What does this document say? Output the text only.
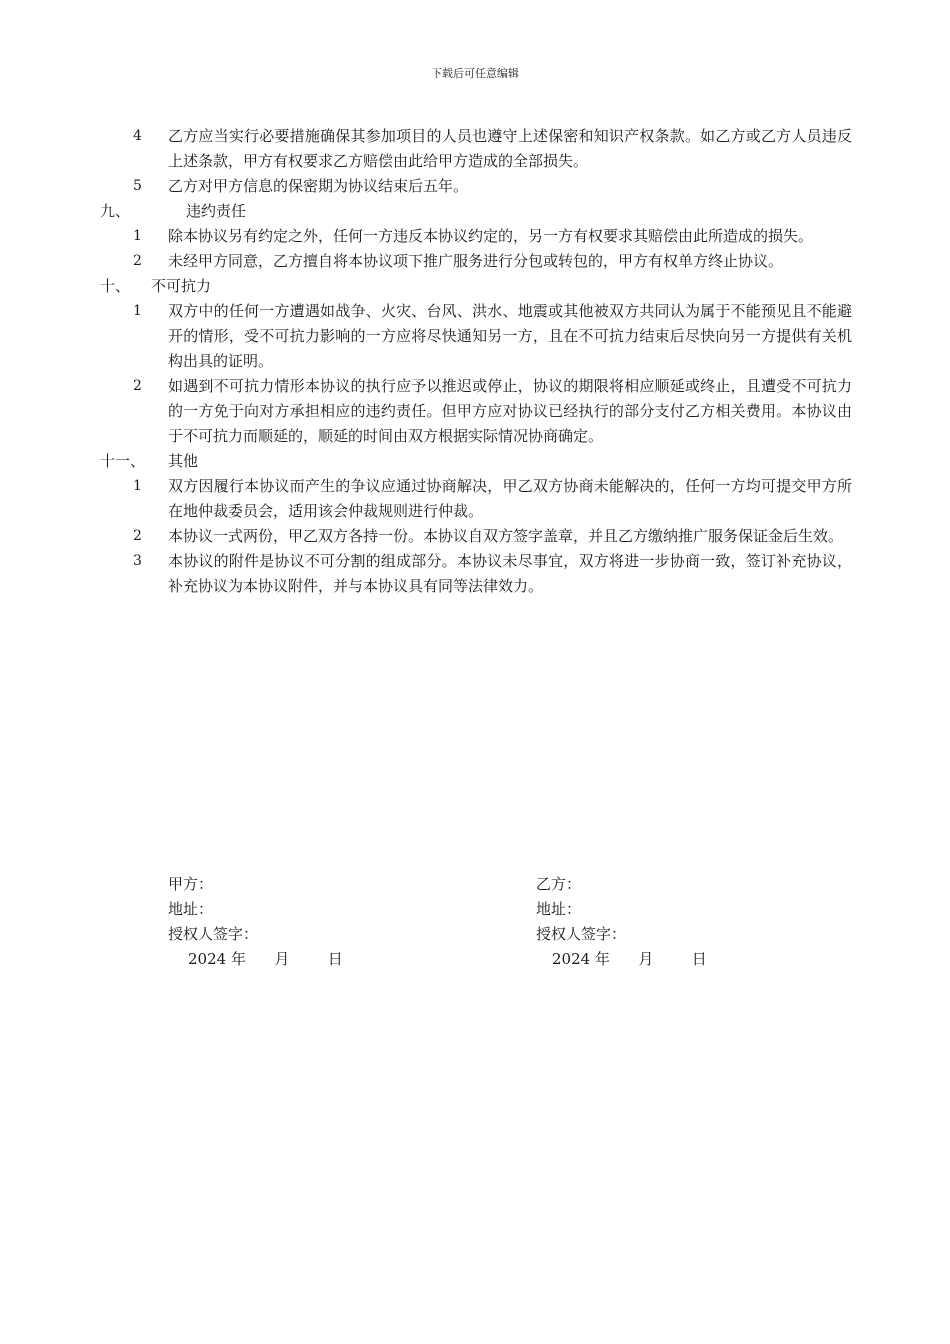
下载后可任意编辑
4 乙方应当实行必要措施确保其参加项目的人员也遵守上述保密和知识产权条款。如乙方或乙方人员违反上述条款，甲方有权要求乙方赔偿由此给甲方造成的全部损失。
5 乙方对甲方信息的保密期为协议结束后五年。
九、	违约责任
1 除本协议另有约定之外，任何一方违反本协议约定的，另一方有权要求其赔偿由此所造成的损失。
2 未经甲方同意，乙方擅自将本协议项下推广服务进行分包或转包的，甲方有权单方终止协议。
十、 不可抗力
1 双方中的任何一方遭遇如战争、火灾、台风、洪水、地震或其他被双方共同认为属于不能预见且不能避开的情形，受不可抗力影响的一方应将尽快通知另一方，且在不可抗力结束后尽快向另一方提供有关机构出具的证明。
2 如遇到不可抗力情形本协议的执行应予以推迟或停止，协议的期限将相应顺延或终止，且遭受不可抗力的一方免于向对方承担相应的违约责任。但甲方应对协议已经执行的部分支付乙方相关费用。本协议由于不可抗力而顺延的，顺延的时间由双方根据实际情况协商确定。
十一、 其他
1 双方因履行本协议而产生的争议应通过协商解决，甲乙双方协商未能解决的，任何一方均可提交甲方所在地仲裁委员会，适用该会仲裁规则进行仲裁。
2 本协议一式两份，甲乙双方各持一份。本协议自双方签字盖章，并且乙方缴纳推广服务保证金后生效。
3 本协议的附件是协议不可分割的组成部分。本协议未尽事宜，双方将进一步协商一致，签订补充协议，补充协议为本协议附件，并与本协议具有同等法律效力。
甲方：
地址：
授权人签字：
2024 年      月        日
乙方：
地址：
授权人签字：
2024 年      月        日
